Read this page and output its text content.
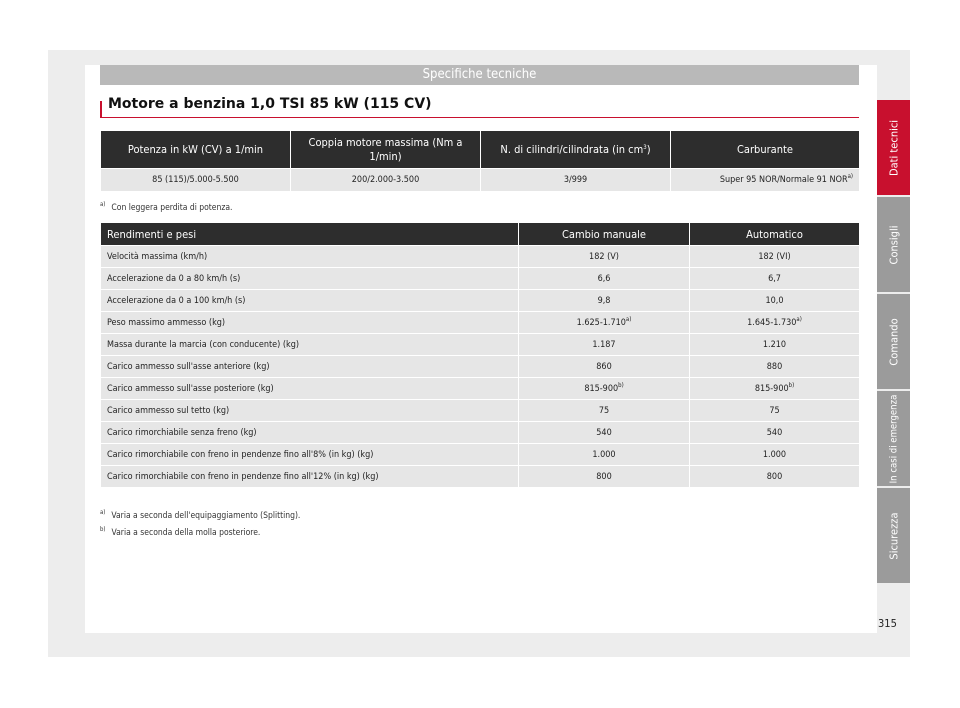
Specifiche tecniche
Motore a benzina 1,0 TSI 85 kW (115 CV)
Potenza in kW (CV) a 1/min	Coppia motore massima (Nm a 1/min)	N. di cilindri/cilindrata (in $cm^3$)	Carburante
85 (115)/5.000-5.500	200/2.000-3.500	3/999	Super 95 NOR/Normale 91 NOR$^{a)}$
$^{a)}$ Con leggera perdita di potenza.
Rendimenti e pesi	Cambio manuale	Automatico
Velocità massima (km/h)	182 (V)	182 (VI)
Accelerazione da 0 a 80 km/h (s)	6,6	6,7
Accelerazione da 0 a 100 km/h (s)	9,8	10,0
Peso massimo ammesso (kg)	1.625-1.710$^{a)}$	1.645-1.730$^{a)}$
Massa durante la marcia (con conducente) (kg)	1.187	1.210
Carico ammesso sull'asse anteriore (kg)	860	880
Carico ammesso sull'asse posteriore (kg)	815-900$^{b)}$	815-900$^{b)}$
Carico ammesso sul tetto (kg)	75	75
Carico rimorchiabile senza freno (kg)	540	540
Carico rimorchiabile con freno in pendenze fino all'8% (in kg) (kg)	1.000	1.000
Carico rimorchiabile con freno in pendenze fino all'12% (in kg) (kg)	800	800
$^{a)}$ Varia a seconda dell'equipaggiamento (Splitting).
$^{b)}$ Varia a seconda della molla posteriore.
Dati tecnici
Consigli
Comando
In casi di emergenza
Sicurezza
315
